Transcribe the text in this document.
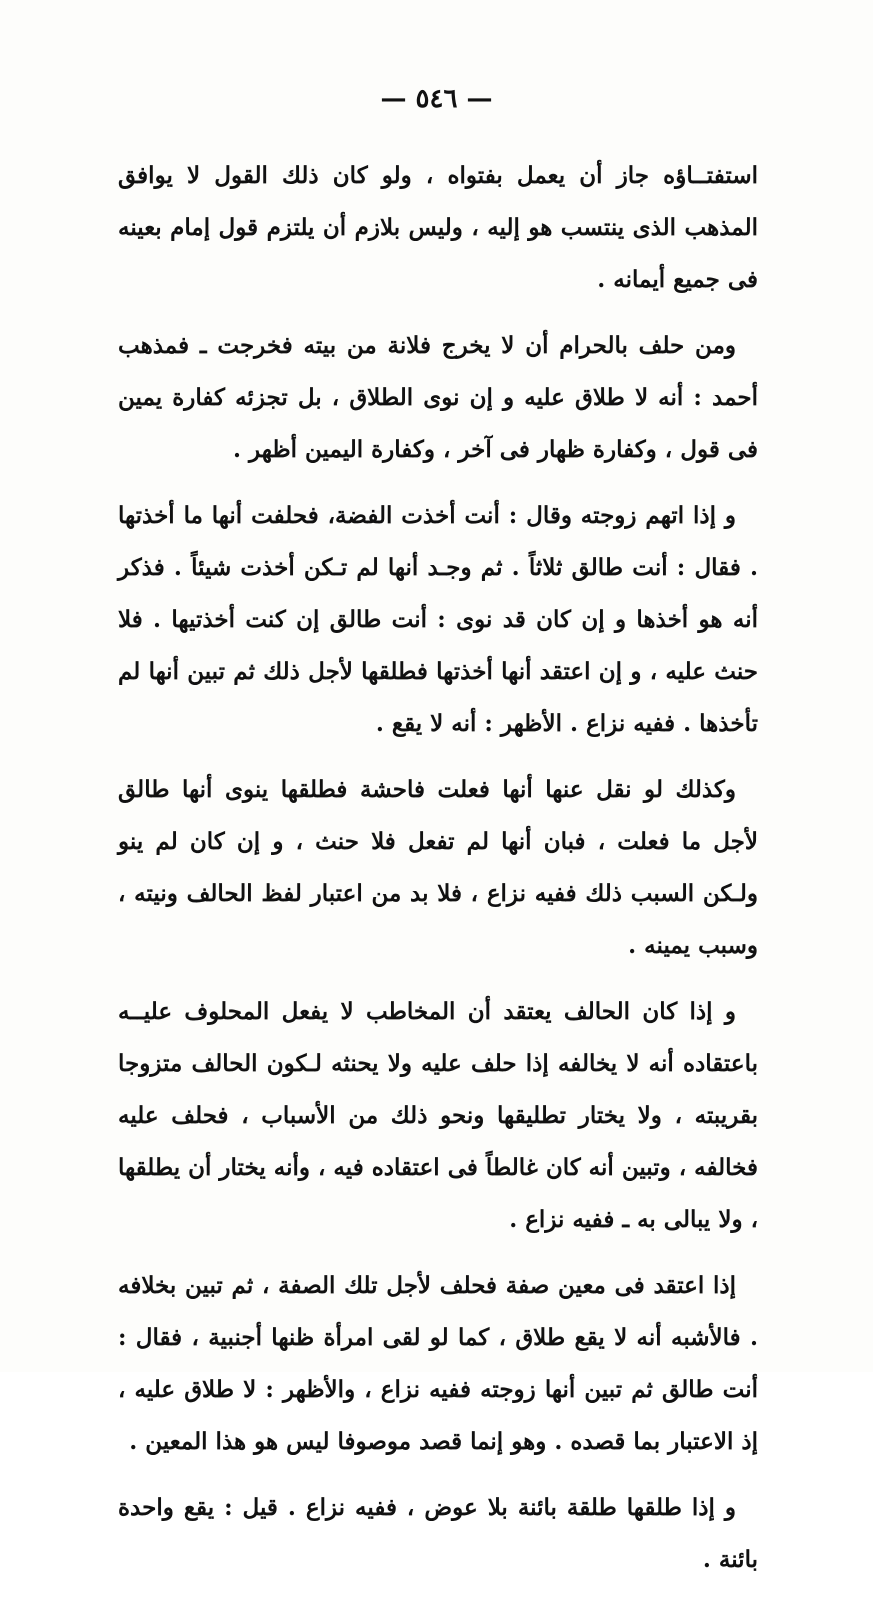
— ٥٤٦ —

استفتــاؤه جاز أن يعمل بفتواه ، ولو كان ذلك القول لا يوافق المذهب الذى ينتسب هو إليه ، وليس بلازم أن يلتزم قول إمام بعينه فى جميع أيمانه .

ومن حلف بالحرام أن لا يخرج فلانة من بيته فخرجت ـ فمذهب أحمد : أنه لا طلاق عليه و إن نوى الطلاق ، بل تجزئه كفارة يمين فى قول ، وكفارة ظهار فى آخر ، وكفارة اليمين أظهر .

و إذا اتهم زوجته وقال : أنت أخذت الفضة، فحلفت أنها ما أخذتها . فقال : أنت طالق ثلاثاً . ثم وجـد أنها لم تـكن أخذت شيئاً . فذكر أنه هو أخذها و إن كان قد نوى : أنت طالق إن كنت أخذتيها . فلا حنث عليه ، و إن اعتقد أنها أخذتها فطلقها لأجل ذلك ثم تبين أنها لم تأخذها . ففيه نزاع . الأظهر : أنه لا يقع .

وكذلك لو نقل عنها أنها فعلت فاحشة فطلقها ينوى أنها طالق لأجل ما فعلت ، فبان أنها لم تفعل فلا حنث ، و إن كان لم ينو ولـكن السبب ذلك ففيه نزاع ، فلا بد من اعتبار لفظ الحالف ونيته ، وسبب يمينه .

و إذا كان الحالف يعتقد أن المخاطب لا يفعل المحلوف عليــه باعتقاده أنه لا يخالفه إذا حلف عليه ولا يحنثه لـكون الحالف متزوجا بقريبته ، ولا يختار تطليقها ونحو ذلك من الأسباب ، فحلف عليه فخالفه ، وتبين أنه كان غالطاً فى اعتقاده فيه ، وأنه يختار أن يطلقها ، ولا يبالى به ـ ففيه نزاع .

إذا اعتقد فى معين صفة فحلف لأجل تلك الصفة ، ثم تبين بخلافه . فالأشبه أنه لا يقع طلاق ، كما لو لقى امرأة ظنها أجنبية ، فقال : أنت طالق ثم تبين أنها زوجته ففيه نزاع ، والأظهر : لا طلاق عليه ، إذ الاعتبار بما قصده . وهو إنما قصد موصوفا ليس هو هذا المعين .

و إذا طلقها طلقة بائنة بلا عوض ، ففيه نزاع . قيل : يقع واحدة بائنة .
